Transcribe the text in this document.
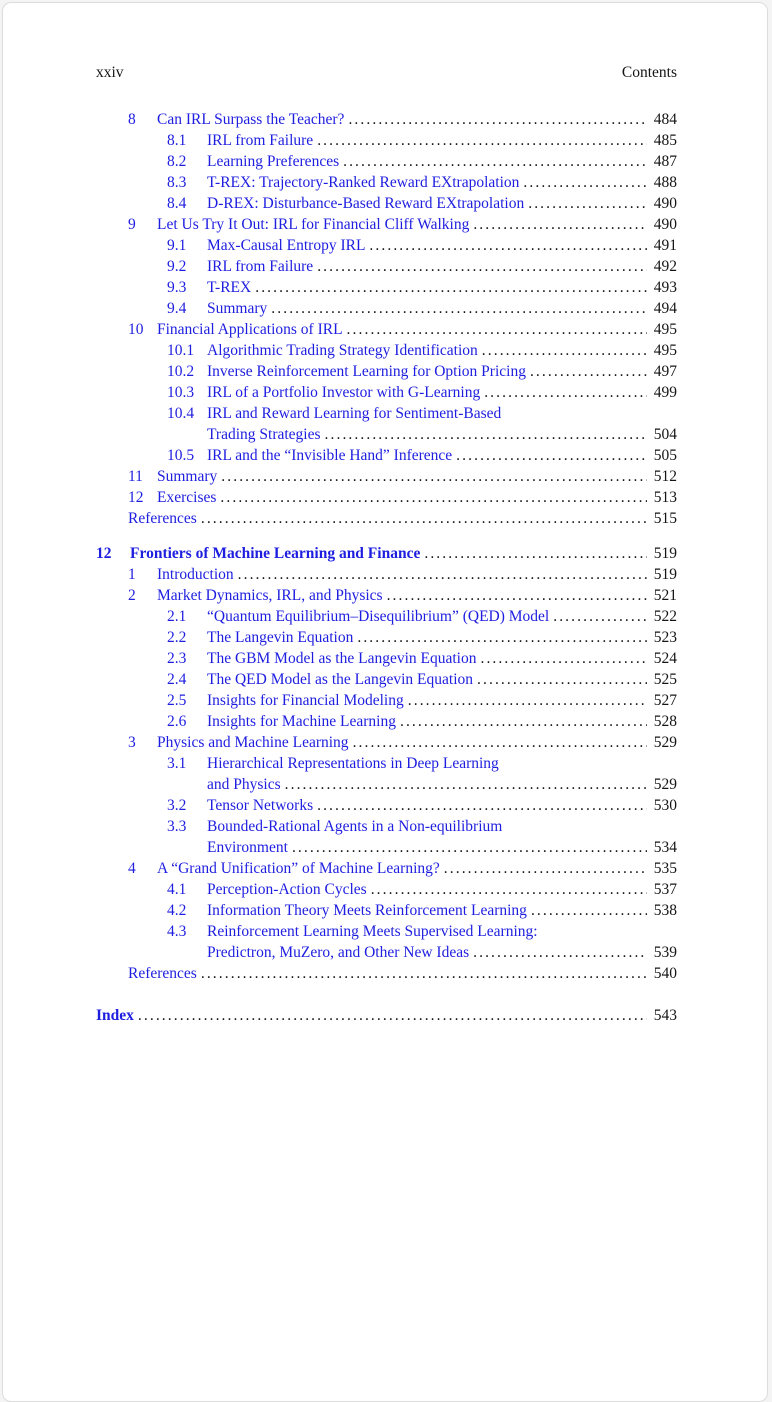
xxiv	Contents
8	Can IRL Surpass the Teacher? .....	484
8.1	IRL from Failure .....	485
8.2	Learning Preferences .....	487
8.3	T-REX: Trajectory-Ranked Reward EXtrapolation .....	488
8.4	D-REX: Disturbance-Based Reward EXtrapolation .....	490
9	Let Us Try It Out: IRL for Financial Cliff Walking .....	490
9.1	Max-Causal Entropy IRL .....	491
9.2	IRL from Failure .....	492
9.3	T-REX .....	493
9.4	Summary .....	494
10 Financial Applications of IRL .....	495
10.1 Algorithmic Trading Strategy Identification .....	495
10.2 Inverse Reinforcement Learning for Option Pricing .....	497
10.3 IRL of a Portfolio Investor with G-Learning .....	499
10.4 IRL and Reward Learning for Sentiment-Based
Trading Strategies .....	504
10.5 IRL and the “Invisible Hand” Inference .....	505
11 Summary .....	512
12 Exercises .....	513
References .....	515
12	Frontiers of Machine Learning and Finance .....	519
1	Introduction .....	519
2	Market Dynamics, IRL, and Physics .....	521
2.1	“Quantum Equilibrium–Disequilibrium” (QED) Model .....	522
2.2	The Langevin Equation .....	523
2.3	The GBM Model as the Langevin Equation .....	524
2.4	The QED Model as the Langevin Equation .....	525
2.5	Insights for Financial Modeling .....	527
2.6	Insights for Machine Learning .....	528
3	Physics and Machine Learning .....	529
3.1	Hierarchical Representations in Deep Learning
and Physics .....	529
3.2	Tensor Networks .....	530
3.3	Bounded-Rational Agents in a Non-equilibrium
Environment .....	534
4	A “Grand Unification” of Machine Learning? .....	535
4.1	Perception-Action Cycles .....	537
4.2	Information Theory Meets Reinforcement Learning .....	538
4.3	Reinforcement Learning Meets Supervised Learning:
Predictron, MuZero, and Other New Ideas .....	539
References .....	540
Index .....	543
